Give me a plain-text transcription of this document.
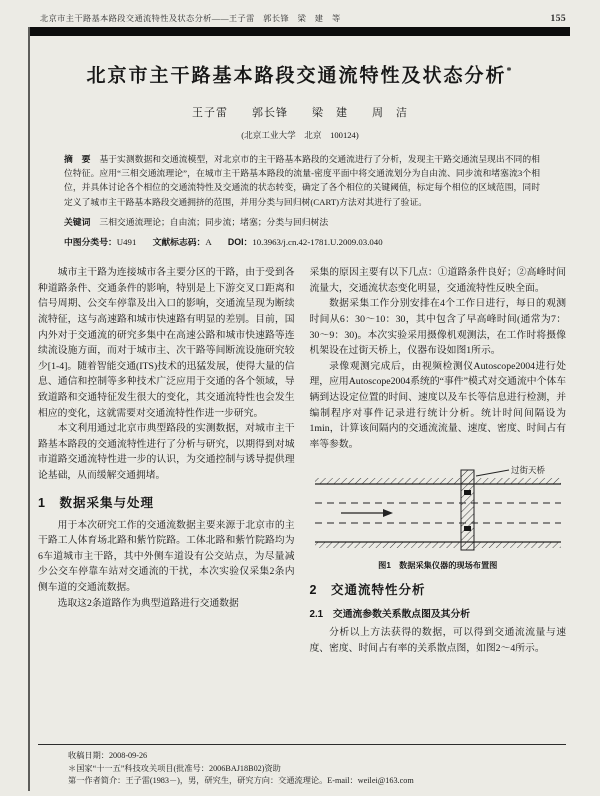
北京市主干路基本路段交通流特性及状态分析——王子雷　郭长锋　梁　建　等	155
北京市主干路基本路段交通流特性及状态分析*
王子雷　　郭长锋　　梁　建　　周　洁
(北京工业大学　北京　100124)
摘　要 基于实测数据和交通流模型，对北京市的主干路基本路段的交通流进行了分析，发现主干路交通流呈现出不同的相位特征。应用“三相交通流理论”，在城市主干路基本路段的流量-密度平面中将交通流划分为自由流、同步流和堵塞流3个相位，并具体讨论各个相位的交通流特性及交通流的状态转变，确定了各个相位的关键阈值，标定每个相位的区域范围，同时定义了城市主干路基本路段交通拥挤的范围，并用分类与回归树(CART)方法对其进行了验证。
关键词 三相交通流理论；自由流；同步流；堵塞；分类与回归树法
中图分类号：U491 文献标志码：A DOI：10.3963/j.cn.42-1781.U.2009.03.040

城市主干路为连接城市各主要分区的干路，由于受到各种道路条件、交通条件的影响，特别是上下游交叉口距离和信号周期、公交车停靠及出入口的影响，交通流呈现为断续流特征，这与高速路和城市快速路有明显的差别。目前，国内外对于交通流的研究多集中在高速公路和城市快速路等连续流设施方面，而对于城市主、次干路等间断流设施研究较少[1-4]。随着智能交通(ITS)技术的迅猛发展，使得大量的信息、通信和控制等多种技术广泛应用于交通的各个领域，导致道路和交通特征发生很大的变化，其交通流特性也会发生相应的变化，这就需要对交通流特性作进一步研究。

本文利用通过北京市典型路段的实测数据，对城市主干路基本路段的交通流特性进行了分析与研究，以期得到对城市道路交通流特性进一步的认识，为交通控制与诱导提供理论基础，从而缓解交通拥堵。

1　数据采集与处理

用于本次研究工作的交通流数据主要来源于北京市的主干路工人体育场北路和紫竹院路。工体北路和紫竹院路均为6车道城市主干路，其中外侧车道设有公交站点，为尽量减少公交车停靠车站对交通流的干扰，本次实验仅采集2条内侧车道的交通流数据。

选取这2条道路作为典型道路进行交通数据

采集的原因主要有以下几点：①道路条件良好；②高峰时间流量大，交通流状态变化明显，交通流特性反映全面。

数据采集工作分别安排在4个工作日进行，每日的观测时间从6：30～10：30，其中包含了早高峰时间(通常为7：30～9：30)。本次实验采用摄像机观测法，在工作时将摄像机架设在过街天桥上，仪器布设如图1所示。

录像观测完成后，由视频检测仪Autoscope2004进行处理，应用Autoscope2004系统的“事件”模式对交通流中个体车辆到达设定位置的时间、速度以及车长等信息进行检测，并编制程序对事件记录进行统计分析。统计时间间隔设为1min，计算该间隔内的交通流流量、速度、密度、时间占有率等参数。

过街天桥
图1　数据采集仪器的现场布置图
2　交通流特性分析
2.1　交通流参数关系散点图及其分析

分析以上方法获得的数据，可以得到交通流流量与速度、密度、时间占有率的关系散点图，如图2～4所示。

收稿日期：2008-09-26
＊国家“十一五”科技攻关项目(批准号：2006BAJ18B02)资助
第一作者简介：王子雷(1983－)，男，研究生，研究方向：交通流理论。E-mail：weilei@163.com
